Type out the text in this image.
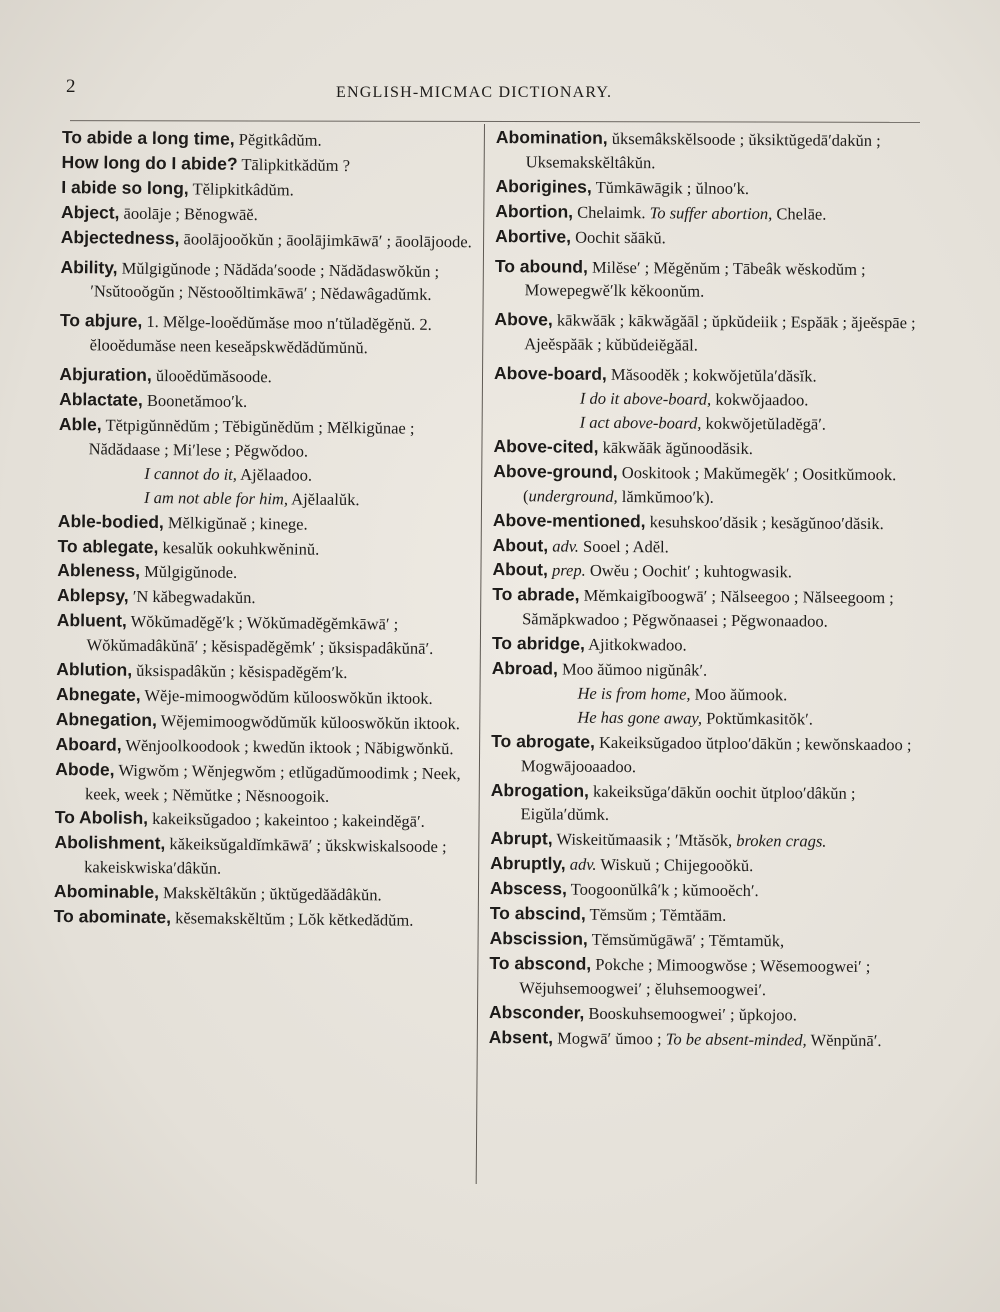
2	ENGLISH-MICMAC DICTIONARY.
To abide a long time, Pĕgitkâdŭm.
How long do I abide? Tālipkitkădŭm ?
I abide so long, Tĕlipkitkâdŭm.
Abject, āoolāje ; Bĕnogwāĕ.
Abjectedness, āoolājooŏkŭn ; āoolājimkāwā′ ; āoolājoode.
Ability, Mŭlgigŭnode ; Nădăda′soode ; Nădădaswŏkŭn ; ′Nsŭtooŏgŭn ; Nĕstooŏltimkāwā′ ; Nĕdawâgadŭmk.
To abjure, 1. Mĕlge-looĕdŭmăse moo n′tŭladĕgĕnŭ. 2. ĕlooĕdumăse neen keseăpskwĕdădŭmŭnŭ.
Abjuration, ŭlooĕdŭmăsoode.
Ablactate, Boonetămoo′k.
Able, Tĕtpigŭnnĕdŭm ; Tĕbigŭnĕdŭm ; Mĕlkigŭnae ; Nădădaase ; Mi′lese ; Pĕgwŏdoo.
I cannot do it, Ajĕlaadoo.
I am not able for him, Ajĕlaalŭk.
Able-bodied, Mĕlkigŭnaĕ ; kinege.
To ablegate, kesalŭk ookuhkwĕninŭ.
Ableness, Mŭlgigŭnode.
Ablepsy, ′N kăbegwadakŭn.
Abluent, Wŏkŭmadĕgĕ′k ; Wŏkŭmadĕgĕmkāwā′ ; Wŏkŭmadâkŭnā′ ; kĕsispadĕgĕmk′ ; ŭksispadâkŭnā′.
Ablution, ŭksispadâkŭn ; kĕsispadĕgĕm′k.
Abnegate, Wĕje-mimoogwŏdŭm kŭlooswŏkŭn iktook.
Abnegation, Wĕjemimoogwŏdŭmŭk kŭlooswŏkŭn iktook.
Aboard, Wĕnjoolkoodook ; kwedŭn iktook ; Năbigwŏnkŭ.
Abode, Wigwŏm ; Wĕnjegwŏm ; etlŭgadŭmoodimk ; Neek, keek, week ; Nĕmŭtke ; Nĕsnoogoik.
To Abolish, kakeiksŭgadoo ; kakeintoo ; kakeindĕgā′.
Abolishment, kăkeiksŭgaldĭmkāwā′ ; ŭkskwiskalsoode ; kakeiskwiska′dâkŭn.
Abominable, Makskĕltâkŭn ; ŭktŭgedăădâkŭn.
To abominate, kĕsemakskĕltŭm ; Lŏk kĕtkedădŭm.
Abomination, ŭksemâkskĕlsoode ; ŭksiktŭgedā′dakŭn ; Uksemakskĕltâkŭn.
Aborigines, Tŭmkāwāgik ; ŭlnoo′k.
Abortion, Chelaimk. To suffer abortion, Chelāe.
Abortive, Oochit săākŭ.
To abound, Milĕse′ ; Mĕgĕnŭm ; Tābeâk wĕskodŭm ; Mowepegwĕ′lk kĕkoonŭm.
Above, kākwăāk ; kākwăgăāl ; ŭpkŭdeiik ; Espăāk ; ăjeĕspāe ; Ajeĕspăāk ; kŭbŭdeiĕgăāl.
Above-board, Măsoodĕk ; kokwŏjetŭla′dăsĭk.
I do it above-board, kokwŏjaadoo.
I act above-board, kokwŏjetŭladĕgā′.
Above-cited, kākwăāk ăgŭnoodăsik.
Above-ground, Ooskitook ; Makŭmegĕk′ ; Oositkŭmook. (underground, lămkŭmoo′k).
Above-mentioned, kesuhskoo′dăsik ; kesăgŭnoo′dăsik.
About, adv. Sooel ; Adĕl.
About, prep. Owĕu ; Oochit′ ; kuhtogwasik.
To abrade, Mĕmkaigĭboogwā′ ; Nălseegoo ; Nălseegoom ; Sămăpkwadoo ; Pĕgwŏnaasei ; Pĕgwonaadoo.
To abridge, Ajitkokwadoo.
Abroad, Moo ăŭmoo nigŭnâk′.
He is from home, Moo ăŭmook.
He has gone away, Poktŭmkasitŏk′.
To abrogate, Kakeiksŭgadoo ŭtploo′dākŭn ; kewŏnskaadoo ; Mogwājooaadoo.
Abrogation, kakeiksŭga′dākŭn oochit ŭtploo′dâkŭn ; Eigŭla′dŭmk.
Abrupt, Wiskeitŭmaasik ; ′Mtăsŏk, broken crags.
Abruptly, adv. Wiskuŭ ; Chijegooŏkŭ.
Abscess, Toogoonŭlkâ′k ; kŭmooĕch′.
To abscind, Tĕmsŭm ; Tĕmtăām.
Abscission, Tĕmsŭmŭgāwā′ ; Tĕmtamŭk,
To abscond, Pokche ; Mimoogwŏse ; Wĕsemoogwei′ ; Wĕjuhsemoogwei′ ; ĕluhsemoogwei′.
Absconder, Booskuhsemoogwei′ ; ŭpkojoo.
Absent, Mogwā′ ŭmoo ; To be absent-minded, Wĕnpŭnā′.
